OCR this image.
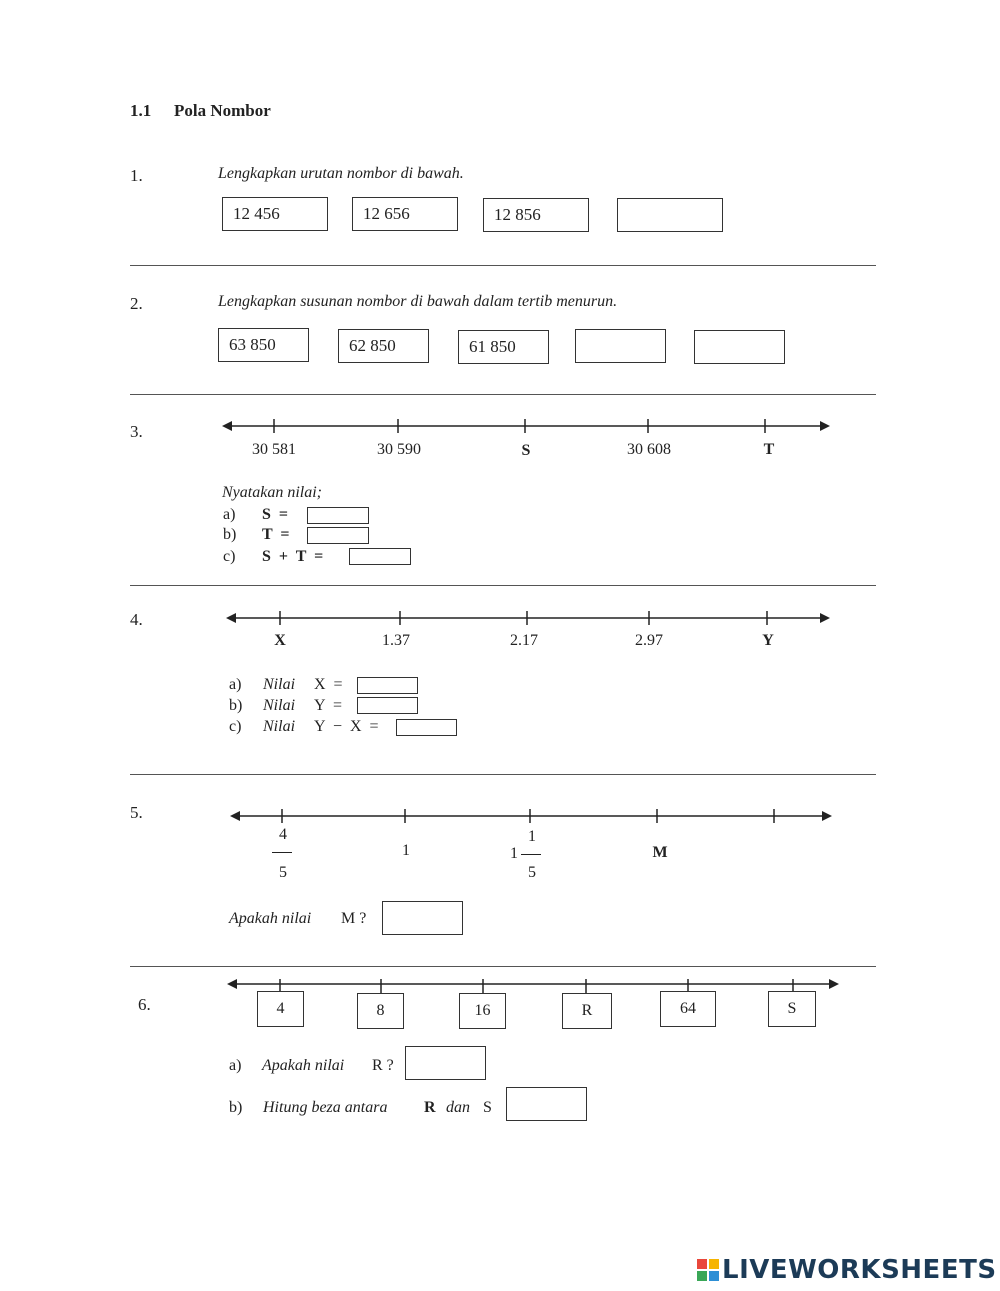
1.1 Pola Nombor
1.	Lengkapkan urutan nombor di bawah.
12 456	12 656	12 856
2.	Lengkapkan susunan nombor di bawah dalam tertib menurun.
63 850	62 850	61 850
3.
30 581	30 590	S	30 608	T
Nyatakan nilai;
a) S  =
b) T  =
c) S  +  T  =
4.
X	1.37	2.17	2.97	Y
a) Nilai X  =
b) Nilai Y  =
c) Nilai Y  −  X  =
5.
4
5
1	1
1
5
M
Apakah nilai M ?
6.	4	8	16	R	64	S
a) Apakah nilai R ?
b) Hitung beza antara R dan S
LIVEWORKSHEETS
